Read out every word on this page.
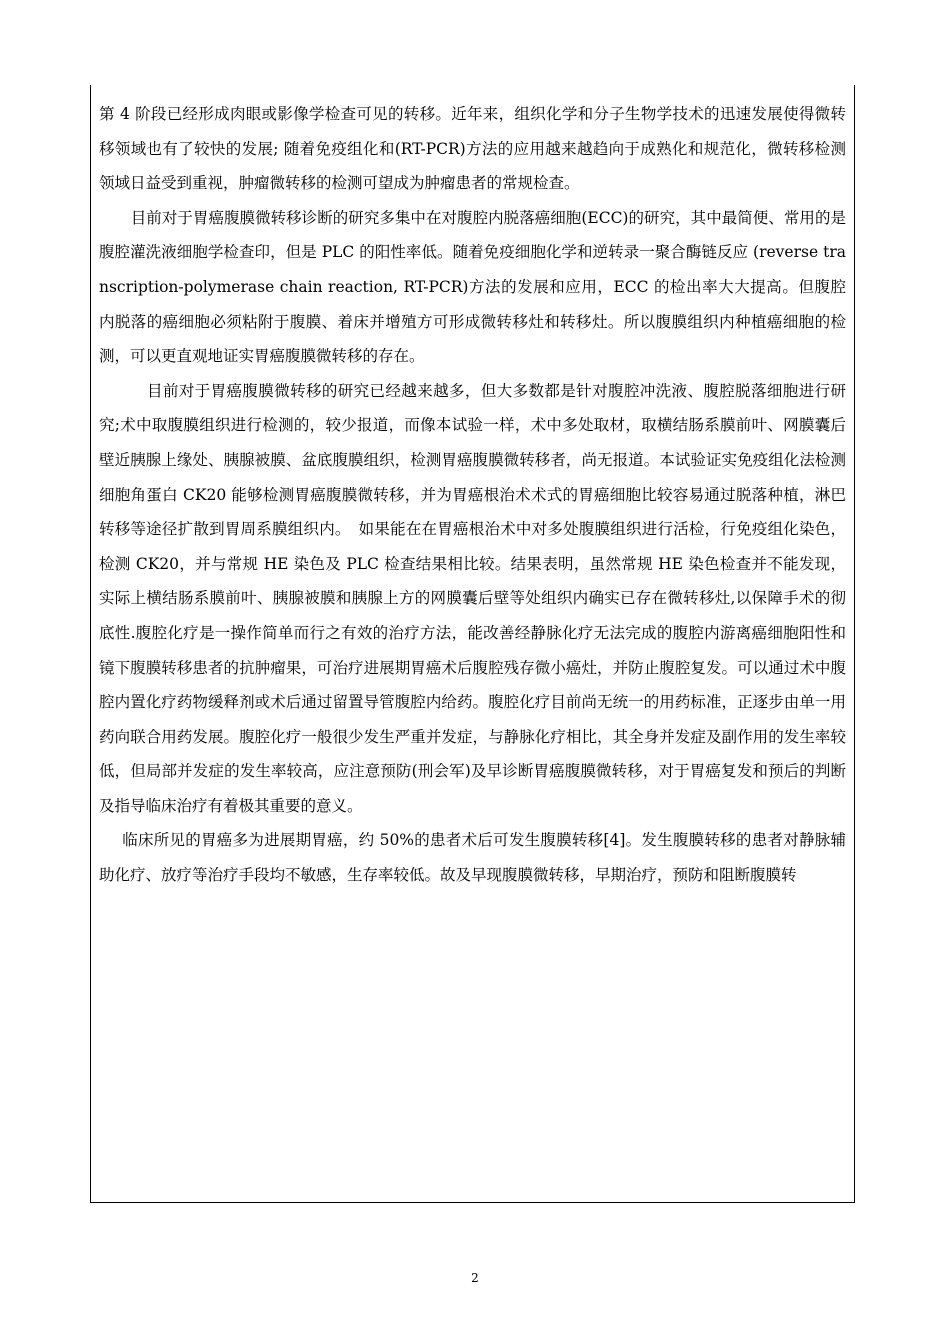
第 4 阶段已经形成肉眼或影像学检查可见的转移。近年来，组织化学和分子生物学技术的迅速发展使得微转移领域也有了较快的发展; 随着免疫组化和(RT-PCR)方法的应用越来越趋向于成熟化和规范化，微转移检测领域日益受到重视，肿瘤微转移的检测可望成为肿瘤患者的常规检查。

目前对于胃癌腹膜微转移诊断的研究多集中在对腹腔内脱落癌细胞(ECC)的研究，其中最简便、常用的是腹腔灌洗液细胞学检查印，但是 PLC 的阳性率低。随着免疫细胞化学和逆转录一聚合酶链反应 (reverse transcription-polymerase chain reaction, RT-PCR)方法的发展和应用，ECC 的检出率大大提高。但腹腔内脱落的癌细胞必须粘附于腹膜、着床并增殖方可形成微转移灶和转移灶。所以腹膜组织内种植癌细胞的检测，可以更直观地证实胃癌腹膜微转移的存在。

目前对于胃癌腹膜微转移的研究已经越来越多，但大多数都是针对腹腔冲洗液、腹腔脱落细胞进行研究;术中取腹膜组织进行检测的，较少报道，而像本试验一样，术中多处取材，取横结肠系膜前叶、网膜囊后壁近胰腺上缘处、胰腺被膜、盆底腹膜组织，检测胃癌腹膜微转移者，尚无报道。本试验证实免疫组化法检测细胞角蛋白 CK20 能够检测胃癌腹膜微转移，并为胃癌根治术术式的胃癌细胞比较容易通过脱落种植，淋巴转移等途径扩散到胃周系膜组织内。　如果能在在胃癌根治术中对多处腹膜组织进行活检，行免疫组化染色，检测 CK20，并与常规 HE 染色及 PLC 检查结果相比较。结果表明，虽然常规 HE 染色检查并不能发现，实际上横结肠系膜前叶、胰腺被膜和胰腺上方的网膜囊后壁等处组织内确实已存在微转移灶,以保障手术的彻底性.腹腔化疗是一操作简单而行之有效的治疗方法，能改善经静脉化疗无法完成的腹腔内游离癌细胞阳性和镜下腹膜转移患者的抗肿瘤果，可治疗进展期胃癌术后腹腔残存微小癌灶，并防止腹腔复发。可以通过术中腹腔内置化疗药物缓释剂或术后通过留置导管腹腔内给药。腹腔化疗目前尚无统一的用药标准，正逐步由单一用药向联合用药发展。腹腔化疗一般很少发生严重并发症，与静脉化疗相比，其全身并发症及副作用的发生率较低，但局部并发症的发生率较高，应注意预防(刑会军)及早诊断胃癌腹膜微转移，对于胃癌复发和预后的判断及指导临床治疗有着极其重要的意义。

临床所见的胃癌多为进展期胃癌，约 50%的患者术后可发生腹膜转移[4]。发生腹膜转移的患者对静脉辅助化疗、放疗等治疗手段均不敏感，生存率较低。故及早现腹膜微转移，早期治疗，预防和阻断腹膜转

2
